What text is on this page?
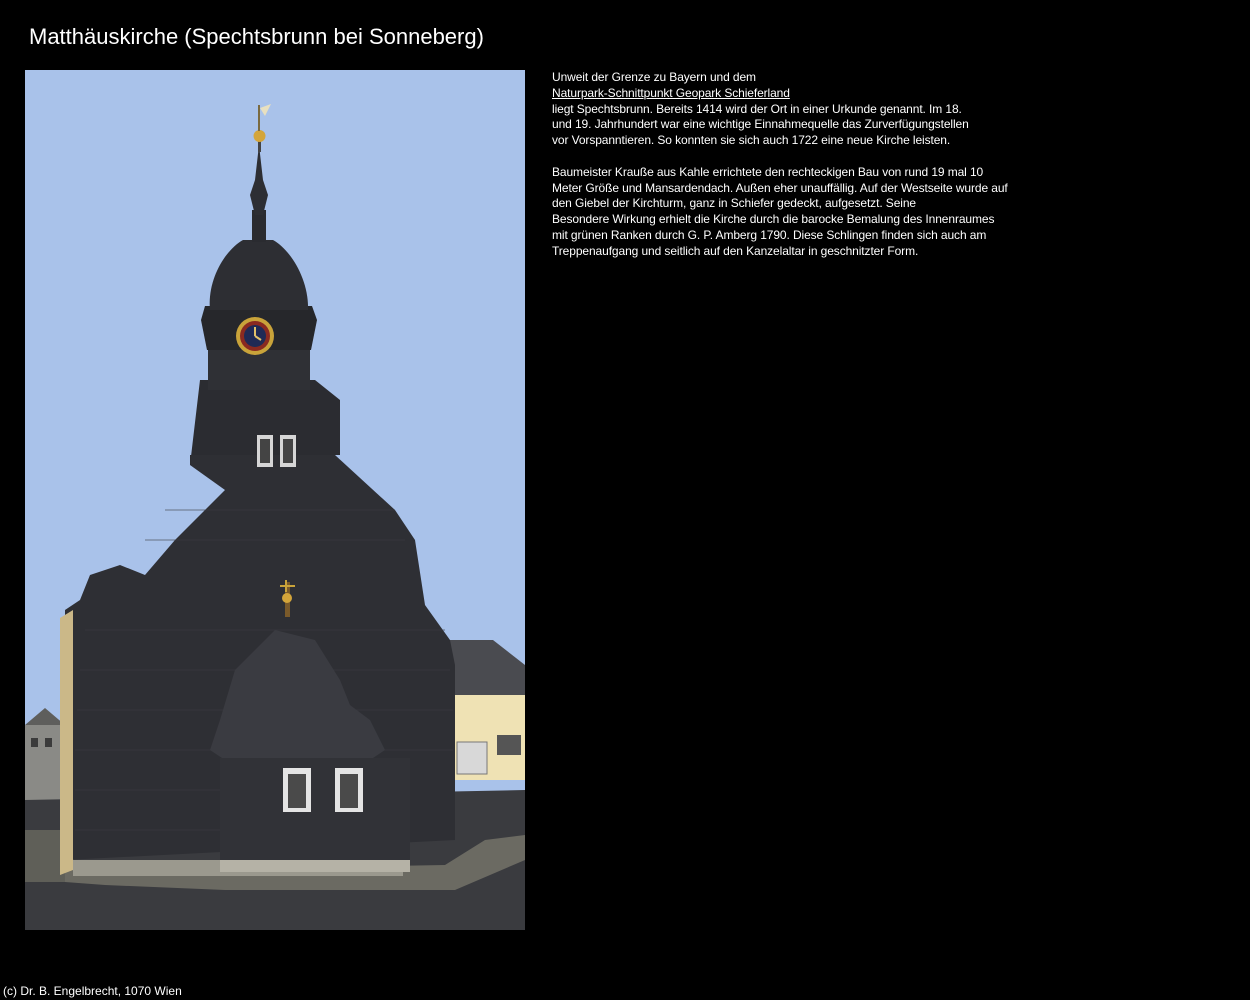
Matthäuskirche (Spechtsbrunn bei Sonneberg)

Unweit der Grenze zu Bayern und dem
Naturpark-Schnittpunkt Geopark Schieferland
liegt Spechtsbrunn. Bereits 1414 wird der Ort in einer Urkunde genannt. Im 18.
und 19. Jahrhundert war eine wichtige Einnahmequelle das Zurverfügungstellen
vor Vorspanntieren. So konnten sie sich auch 1722 eine neue Kirche leisten.

Baumeister Krauße aus Kahle errichtete den rechteckigen Bau von rund 19 mal 10
Meter Größe und Mansardendach. Außen eher unauffällig. Auf der Westseite wurde auf
den Giebel der Kirchturm, ganz in Schiefer gedeckt, aufgesetzt. Seine
Besondere Wirkung erhielt die Kirche durch die barocke Bemalung des Innenraumes
mit grünen Ranken durch G. P. Amberg 1790. Diese Schlingen finden sich auch am
Treppenaufgang und seitlich auf den Kanzelaltar in geschnitzter Form.

(c) Dr. B. Engelbrecht, 1070 Wien
